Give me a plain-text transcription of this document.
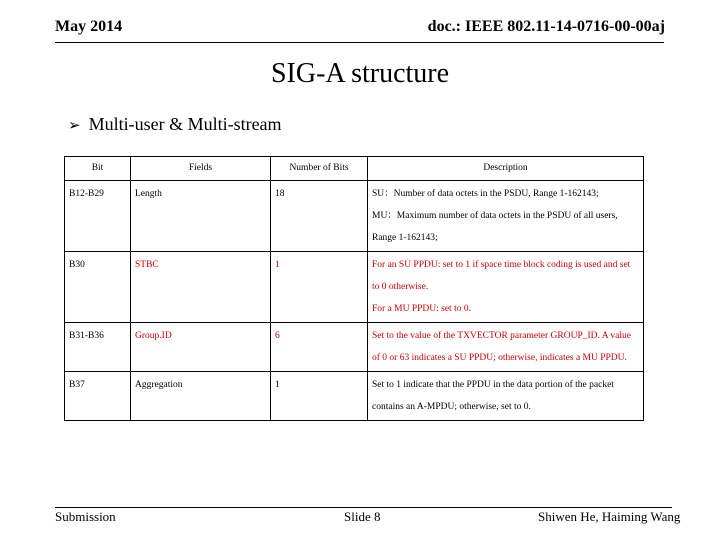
May 2014	doc.: IEEE 802.11-14-0716-00-00aj
SIG-A structure
➢ Multi-user & Multi-stream
Bit	Fields	Number of Bits	Description
B12-B29	Length	18	SU：Number of data octets in the PSDU, Range 1-162143;
MU：Maximum number of data octets in the PSDU of all users, Range 1-162143;

B30	STBC	1	For an SU PPDU: set to 1 if space time block coding is used and set to 0 otherwise.
For a MU PPDU: set to 0.

B31-B36	Group.ID	6	Set to the value of the TXVECTOR parameter GROUP_ID. A value of 0 or 63 indicates a SU PPDU; otherwise, indicates a MU PPDU.

B37	Aggregation	1	Set to 1 indicate that the PPDU in the data portion of the packet contains an A-MPDU; otherwise, set to 0.
Submission	Slide 8	Shiwen He, Haiming Wang
